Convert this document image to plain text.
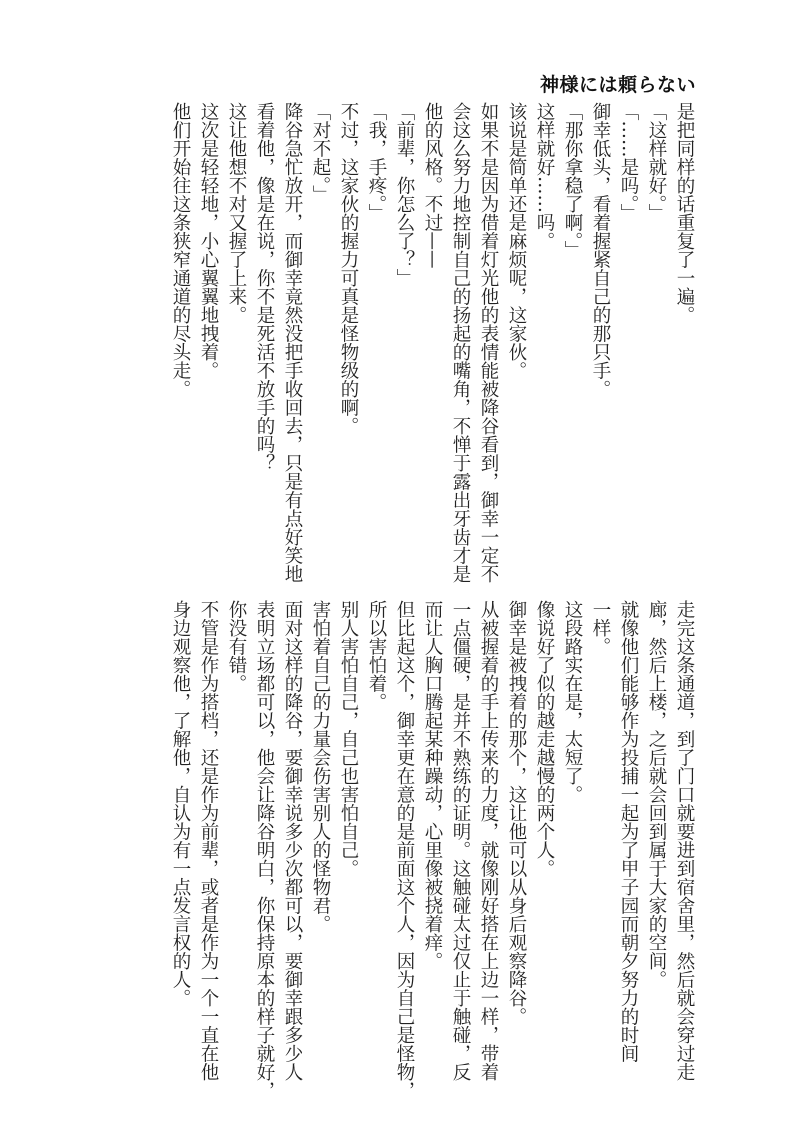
神様には頼らない
是把同样的话重复了一遍。
「这样就好。」
「……是吗。」
御幸低头，看着握紧自己的那只手。
「那你拿稳了啊。」
这样就好……吗。
该说是简单还是麻烦呢，这家伙。
如果不是因为借着灯光他的表情能被降谷看到，御幸一定不
会这么努力地控制自己的扬起的嘴角，不惮于露出牙齿才是
他的风格。不过——
「前辈，你怎么了？」
「我，手疼。」
不过，这家伙的握力可真是怪物级的啊。
「对不起。」
降谷急忙放开，而御幸竟然没把手收回去，只是有点好笑地
看着他，像是在说，你不是死活不放手的吗？
这让他想不对又握了上来。
这次是轻轻地，小心翼翼地拽着。
他们开始往这条狭窄通道的尽头走。
走完这条通道，到了门口就要进到宿舍里，然后就会穿过走
廊，然后上楼，之后就会回到属于大家的空间。
就像他们能够作为投捕一起为了甲子园而朝夕努力的时间
一样。
这段路实在是，太短了。
像说好了似的越走越慢的两个人。
御幸是被拽着的那个，这让他可以从身后观察降谷。
从被握着的手上传来的力度，就像刚好搭在上边一样，带着
一点僵硬，是并不熟练的证明。这触碰太过仅止于触碰，反
而让人胸口腾起某种躁动，心里像被挠着痒。
但比起这个，御幸更在意的是前面这个人，因为自己是怪物，
所以害怕着。
别人害怕自己，自己也害怕自己。
害怕着自己的力量会伤害别人的怪物君。
面对这样的降谷，要御幸说多少次都可以，要御幸跟多少人
表明立场都可以，他会让降谷明白，你保持原本的样子就好，
你没有错。
不管是作为搭档，还是作为前辈，或者是作为一个一直在他
身边观察他，了解他，自认为有一点发言权的人。
